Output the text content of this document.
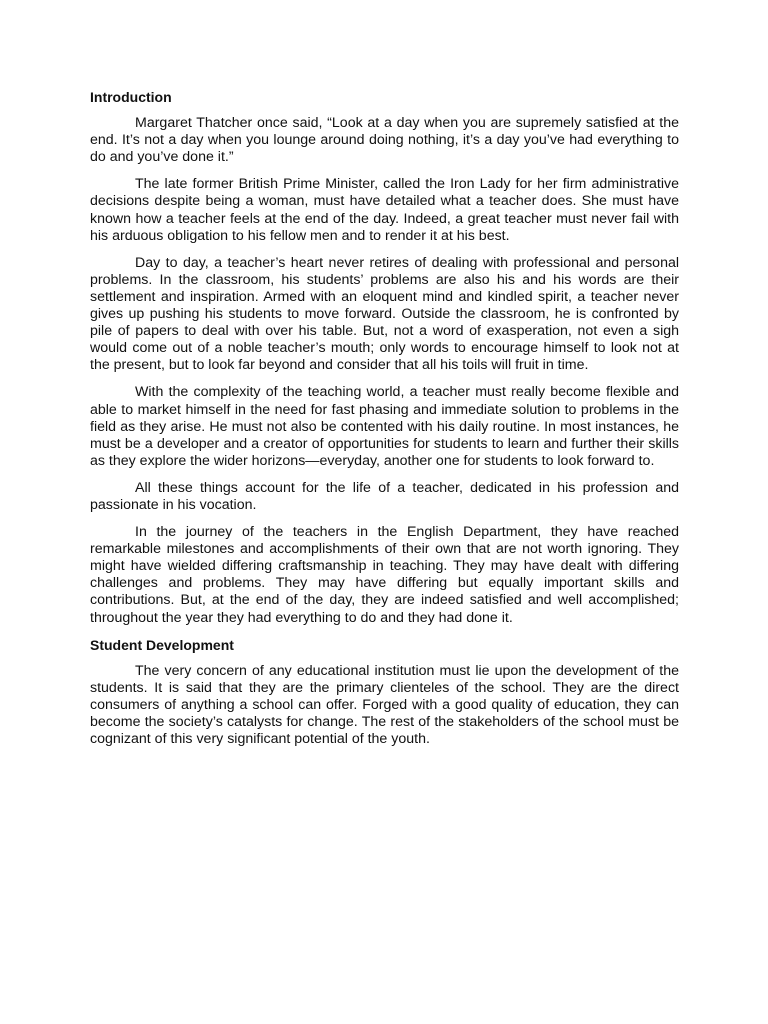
Introduction

Margaret Thatcher once said, “Look at a day when you are supremely satisfied at the end. It’s not a day when you lounge around doing nothing, it’s a day you’ve had everything to do and you’ve done it.”

The late former British Prime Minister, called the Iron Lady for her firm administrative decisions despite being a woman, must have detailed what a teacher does. She must have known how a teacher feels at the end of the day. Indeed, a great teacher must never fail with his arduous obligation to his fellow men and to render it at his best.

Day to day, a teacher’s heart never retires of dealing with professional and personal problems. In the classroom, his students’ problems are also his and his words are their settlement and inspiration. Armed with an eloquent mind and kindled spirit, a teacher never gives up pushing his students to move forward. Outside the classroom, he is confronted by pile of papers to deal with over his table. But, not a word of exasperation, not even a sigh would come out of a noble teacher’s mouth; only words to encourage himself to look not at the present, but to look far beyond and consider that all his toils will fruit in time.

With the complexity of the teaching world, a teacher must really become flexible and able to market himself in the need for fast phasing and immediate solution to problems in the field as they arise. He must not also be contented with his daily routine. In most instances, he must be a developer and a creator of opportunities for students to learn and further their skills as they explore the wider horizons—everyday, another one for students to look forward to.

All these things account for the life of a teacher, dedicated in his profession and passionate in his vocation.

In the journey of the teachers in the English Department, they have reached remarkable milestones and accomplishments of their own that are not worth ignoring. They might have wielded differing craftsmanship in teaching. They may have dealt with differing challenges and problems. They may have differing but equally important skills and contributions. But, at the end of the day, they are indeed satisfied and well accomplished; throughout the year they had everything to do and they had done it.

Student Development

The very concern of any educational institution must lie upon the development of the students. It is said that they are the primary clienteles of the school. They are the direct consumers of anything a school can offer. Forged with a good quality of education, they can become the society’s catalysts for change. The rest of the stakeholders of the school must be cognizant of this very significant potential of the youth.
